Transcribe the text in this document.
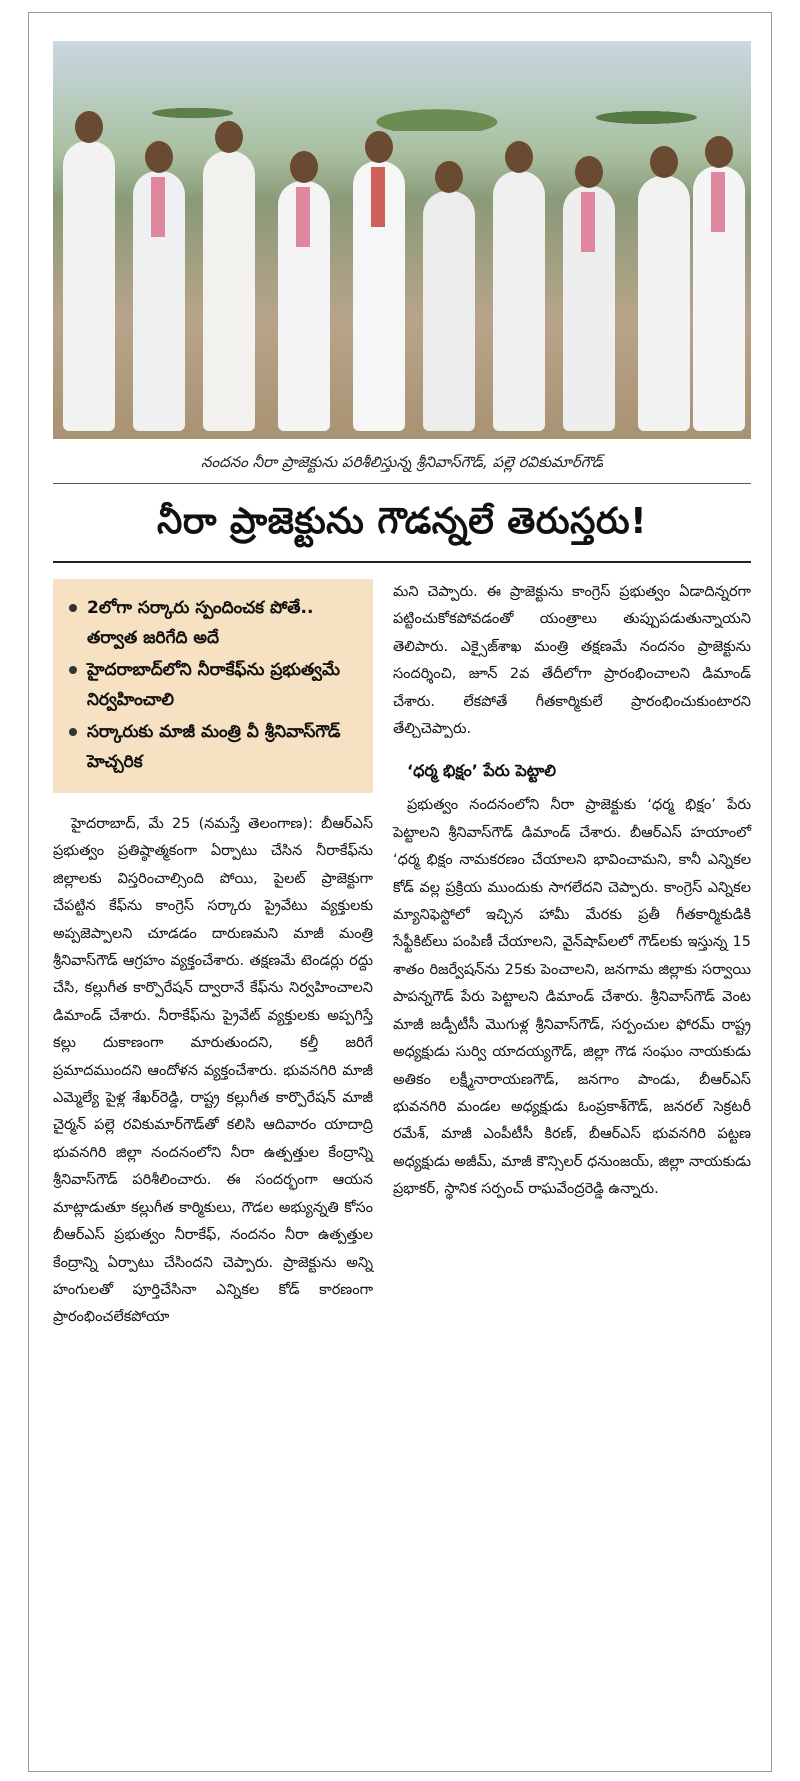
నందనం నీరా ప్రాజెక్టును పరిశీలిస్తున్న శ్రీనివాస్‌గౌడ్, పల్లె రవికుమార్‌గౌడ్
నీరా ప్రాజెక్టును గౌడన్నలే తెరుస్తరు!
2లోగా సర్కారు స్పందించక పోతే.. తర్వాత జరిగేది అదే
హైదరాబాద్‌లోని నీరాకేఫ్‌ను ప్రభుత్వమే నిర్వహించాలి
సర్కారుకు మాజీ మంత్రి వీ శ్రీనివాస్‌గౌడ్ హెచ్చరిక

హైదరాబాద్, మే 25 (నమస్తే తెలంగాణ): బీఆర్‌ఎస్ ప్రభుత్వం ప్రతిష్ఠాత్మకంగా ఏర్పాటు చేసిన నీరాకేఫ్‌ను జిల్లాలకు విస్తరించాల్సింది పోయి, పైలట్ ప్రాజెక్టుగా చేపట్టిన కేఫ్‌ను కాంగ్రెస్ సర్కారు ప్రైవేటు వ్యక్తులకు అప్పజెప్పాలని చూడడం దారుణమని మాజీ మంత్రి శ్రీనివాస్‌గౌడ్ ఆగ్రహం వ్యక్తంచేశారు. తక్షణమే టెండర్లు రద్దు చేసి, కల్లుగీత కార్పొరేషన్ ద్వారానే కేఫ్‌ను నిర్వహించాలని డిమాండ్ చేశారు. నీరాకేఫ్‌ను ప్రైవేట్ వ్యక్తులకు అప్పగిస్తే కల్లు దుకాణంగా మారుతుందని, కల్తీ జరిగే ప్రమాదముందని ఆందోళన వ్యక్తంచేశారు. భువనగిరి మాజీ ఎమ్మెల్యే పైళ్ల శేఖర్‌రెడ్డి, రాష్ట్ర కల్లుగీత కార్పొరేషన్ మాజీ చైర్మన్ పల్లె రవికుమార్‌గౌడ్‌తో కలిసి ఆదివారం యాదాద్రి భువనగిరి జిల్లా నందనంలోని నీరా ఉత్పత్తుల కేంద్రాన్ని శ్రీనివాస్‌గౌడ్ పరిశీలించారు. ఈ సందర్భంగా ఆయన మాట్లాడుతూ కల్లుగీత కార్మికులు, గౌడల అభ్యున్నతి కోసం బీఆర్‌ఎస్ ప్రభుత్వం నీరాకేఫ్, నందనం నీరా ఉత్పత్తుల కేంద్రాన్ని ఏర్పాటు చేసిందని చెప్పారు. ప్రాజెక్టును అన్ని హంగులతో పూర్తిచేసినా ఎన్నికల కోడ్ కారణంగా ప్రారంభించలేకపోయా

మని చెప్పారు. ఈ ప్రాజెక్టును కాంగ్రెస్ ప్రభుత్వం ఏడాదిన్నరగా పట్టించుకోకపోవడంతో యంత్రాలు తుప్పుపడుతున్నాయని తెలిపారు. ఎక్సైజ్‌శాఖ మంత్రి తక్షణమే నందనం ప్రాజెక్టును సందర్శించి, జూన్ 2వ తేదీలోగా ప్రారంభించాలని డిమాండ్ చేశారు. లేకపోతే గీతకార్మికులే ప్రారంభించుకుంటారని తేల్చిచెప్పారు.

‘ధర్మ భిక్షం’ పేరు పెట్టాలి

ప్రభుత్వం నందనంలోని నీరా ప్రాజెక్టుకు ‘ధర్మ భిక్షం’ పేరు పెట్టాలని శ్రీనివాస్‌గౌడ్ డిమాండ్ చేశారు. బీఆర్‌ఎస్ హయాంలో ‘ధర్మ భిక్షం నామకరణం చేయాలని భావించామని, కానీ ఎన్నికల కోడ్ వల్ల ప్రక్రియ ముందుకు సాగలేదని చెప్పారు. కాంగ్రెస్ ఎన్నికల మ్యానిఫెస్టోలో ఇచ్చిన హామీ మేరకు ప్రతీ గీతకార్మికుడికి సేఫ్టీకిట్‌లు పంపిణీ చేయాలని, వైన్‌షాప్‌లలో గౌడ్‌లకు ఇస్తున్న 15 శాతం రిజర్వేషన్‌ను 25కు పెంచాలని, జనగామ జిల్లాకు సర్వాయి పాపన్నగౌడ్ పేరు పెట్టాలని డిమాండ్ చేశారు. శ్రీనివాస్‌గౌడ్ వెంట మాజీ జడ్పీటీసీ మొగుళ్ల శ్రీనివాస్‌గౌడ్, సర్పంచుల ఫోరమ్ రాష్ట్ర అధ్యక్షుడు సుర్వి యాదయ్యగౌడ్, జిల్లా గౌడ సంఘం నాయకుడు అతికం లక్ష్మీనారాయణగౌడ్, జనగాం పాండు, బీఆర్‌ఎస్ భువనగిరి మండల అధ్యక్షుడు ఓంప్రకాశ్‌గౌడ్, జనరల్ సెక్రటరీ రమేశ్, మాజీ ఎంపీటీసీ కిరణ్, బీఆర్‌ఎస్ భువనగిరి పట్టణ అధ్యక్షుడు అజీమ్, మాజీ కౌన్సిలర్ ధనుంజయ్, జిల్లా నాయకుడు ప్రభాకర్, స్థానిక సర్పంచ్ రాఘవేంద్రరెడ్డి ఉన్నారు.
